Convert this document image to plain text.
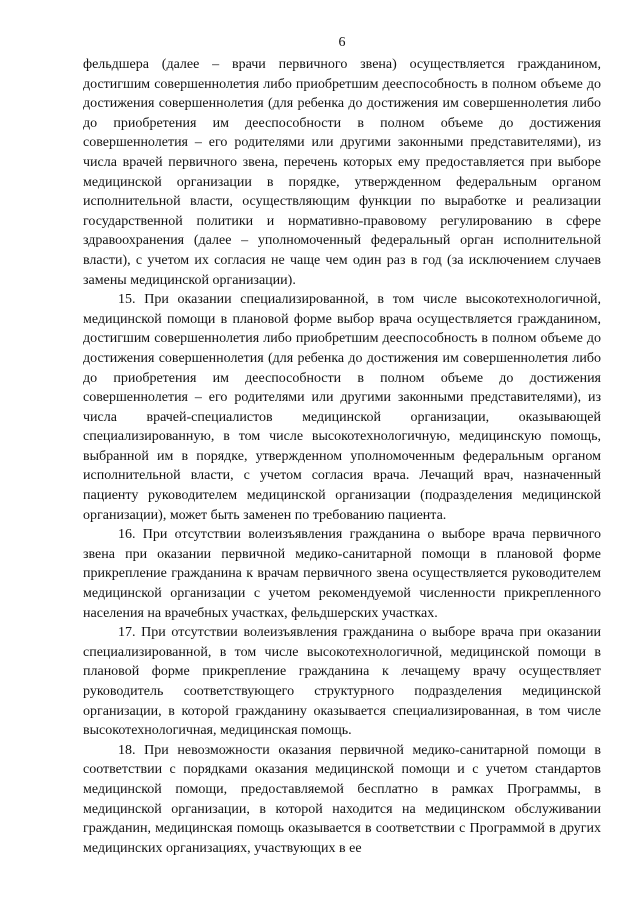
6

фельдшера (далее – врачи первичного звена) осуществляется гражданином, достигшим совершеннолетия либо приобретшим дееспособность в полном объеме до достижения совершеннолетия (для ребенка до достижения им совершеннолетия либо до приобретения им дееспособности в полном объеме до достижения совершеннолетия – его родителями или другими законными представителями), из числа врачей первичного звена, перечень которых ему предоставляется при выборе медицинской организации в порядке, утвержденном федеральным органом исполнительной власти, осуществляющим функции по выработке и реализации государственной политики и нормативно-правовому регулированию в сфере здравоохранения (далее – уполномоченный федеральный орган исполнительной власти), с учетом их согласия не чаще чем один раз в год (за исключением случаев замены медицинской организации).

15. При оказании специализированной, в том числе высокотехнологичной, медицинской помощи в плановой форме выбор врача осуществляется гражданином, достигшим совершеннолетия либо приобретшим дееспособность в полном объеме до достижения совершеннолетия (для ребенка до достижения им совершеннолетия либо до приобретения им дееспособности в полном объеме до достижения совершеннолетия – его родителями или другими законными представителями), из числа врачей-специалистов медицинской организации, оказывающей специализированную, в том числе высокотехнологичную, медицинскую помощь, выбранной им в порядке, утвержденном уполномоченным федеральным органом исполнительной власти, с учетом согласия врача. Лечащий врач, назначенный пациенту руководителем медицинской организации (подразделения медицинской организации), может быть заменен по требованию пациента.

16. При отсутствии волеизъявления гражданина о выборе врача первичного звена при оказании первичной медико-санитарной помощи в плановой форме прикрепление гражданина к врачам первичного звена осуществляется руководителем медицинской организации с учетом рекомендуемой численности прикрепленного населения на врачебных участках, фельдшерских участках.

17. При отсутствии волеизъявления гражданина о выборе врача при оказании специализированной, в том числе высокотехнологичной, медицинской помощи в плановой форме прикрепление гражданина к лечащему врачу осуществляет руководитель соответствующего структурного подразделения медицинской организации, в которой гражданину оказывается специализированная, в том числе высокотехнологичная, медицинская помощь.

18. При невозможности оказания первичной медико-санитарной помощи в соответствии с порядками оказания медицинской помощи и с учетом стандартов медицинской помощи, предоставляемой бесплатно в рамках Программы, в медицинской организации, в которой находится на медицинском обслуживании гражданин, медицинская помощь оказывается в соответствии с Программой в других медицинских организациях, участвующих в ее
